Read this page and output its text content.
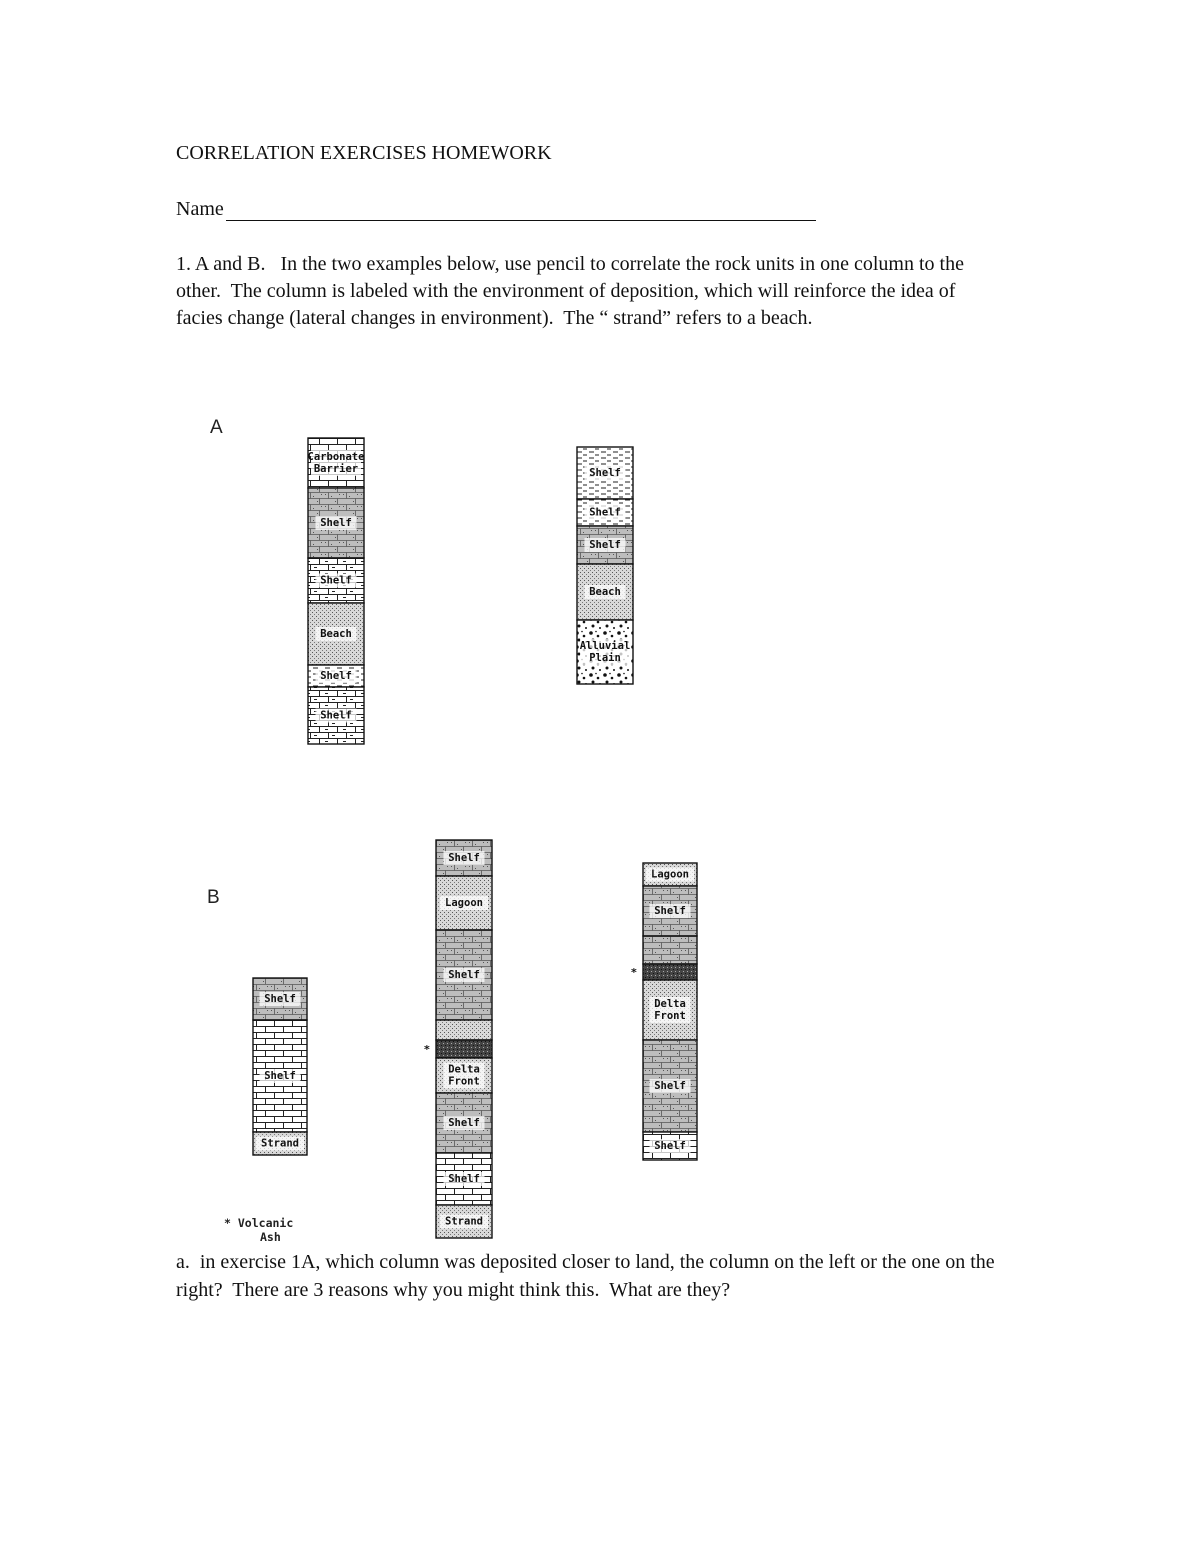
CORRELATION EXERCISES HOMEWORK
Name

1. A and B.   In the two examples below, use pencil to correlate the rock units in one column to the other.  The column is labeled with the environment of deposition, which will reinforce the idea of facies change (lateral changes in environment).  The “ strand” refers to a beach.

A
B
Carbonate
Barrier
Shelf
Shelf
Beach
Shelf
Shelf
Shelf
Shelf
Shelf
Beach
Alluvial
Plain
Shelf
Shelf
Strand
Shelf
Lagoon
Shelf
*
Delta
Front
Shelf
Shelf
Strand
Lagoon
Shelf
*
Delta
Front
Shelf
Shelf
* Volcanic
Ash

a.  in exercise 1A, which column was deposited closer to land, the column on the left or the one on the right?  There are 3 reasons why you might think this.  What are they?
